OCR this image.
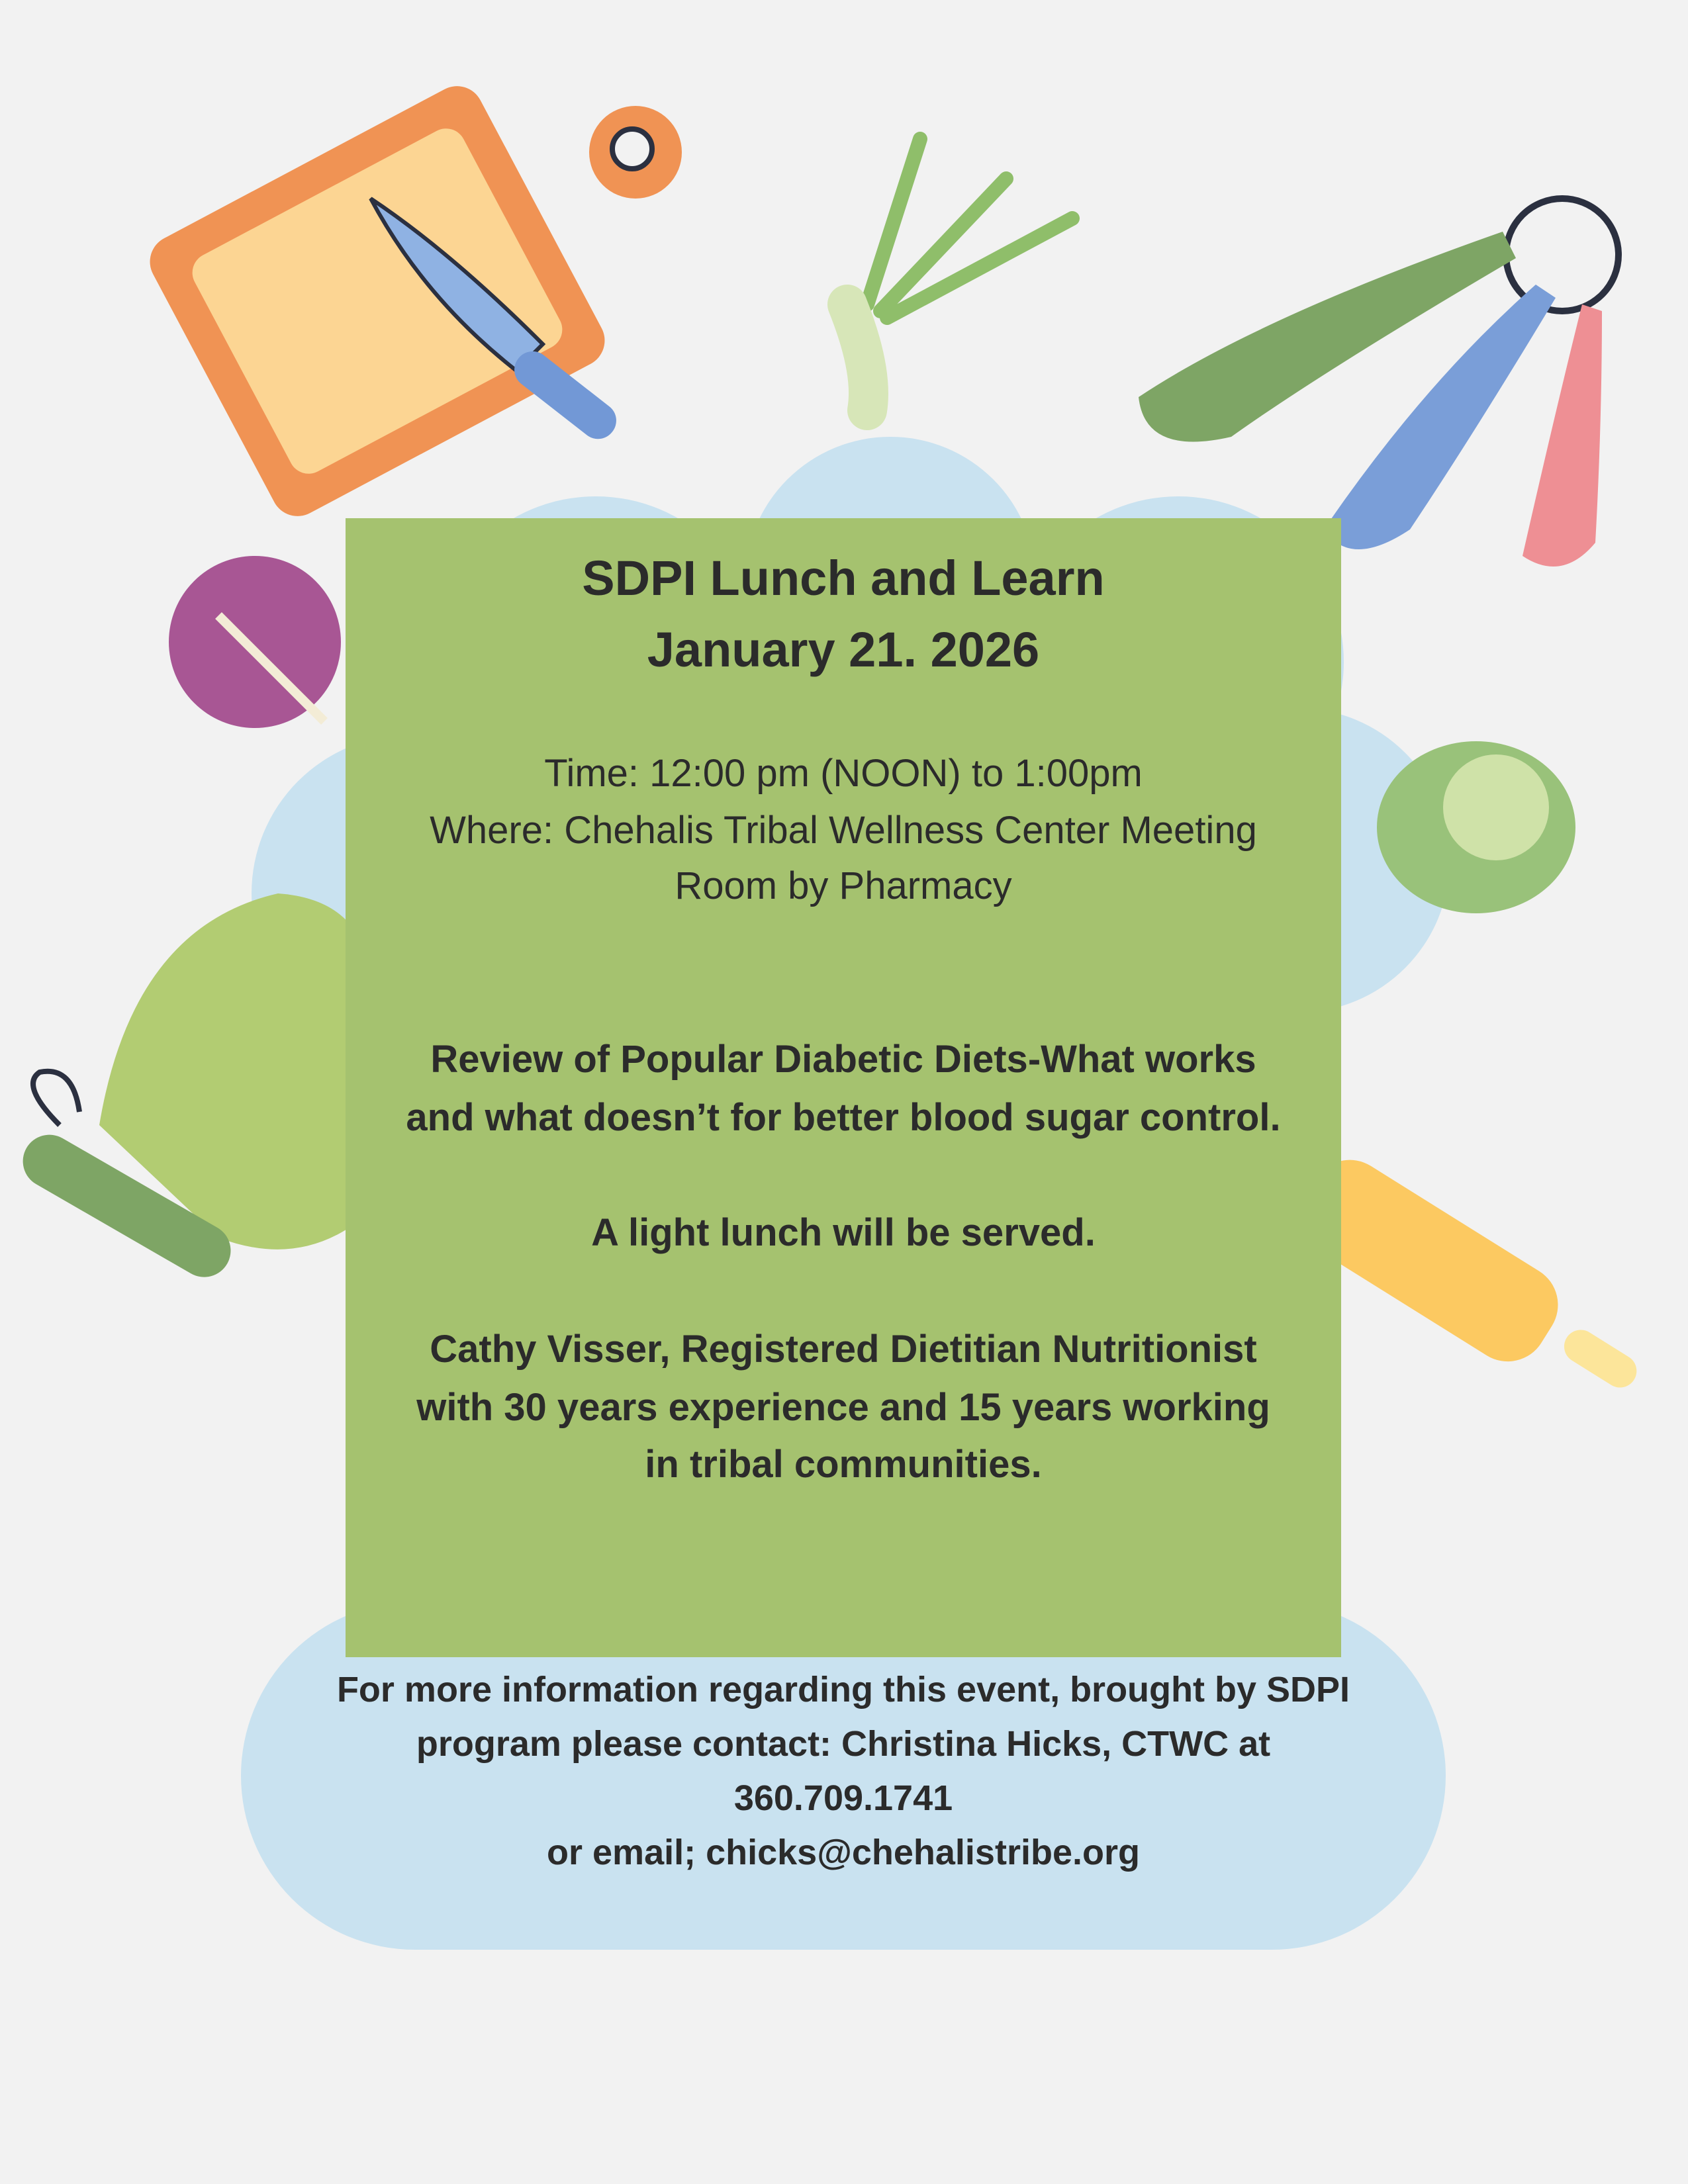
SDPI Lunch and Learn
January 21. 2026
Time: 12:00 pm (NOON) to 1:00pm
Where: Chehalis Tribal Wellness Center Meeting
Room by Pharmacy
Review of Popular Diabetic Diets-What works
and what doesn’t for better blood sugar control.
A light lunch will be served.
Cathy Visser, Registered Dietitian Nutritionist
with 30 years experience and 15 years working
in tribal communities.
For more information regarding this event, brought by SDPI
program please contact: Christina Hicks, CTWC at
360.709.1741
or email; chicks@chehalistribe.org
